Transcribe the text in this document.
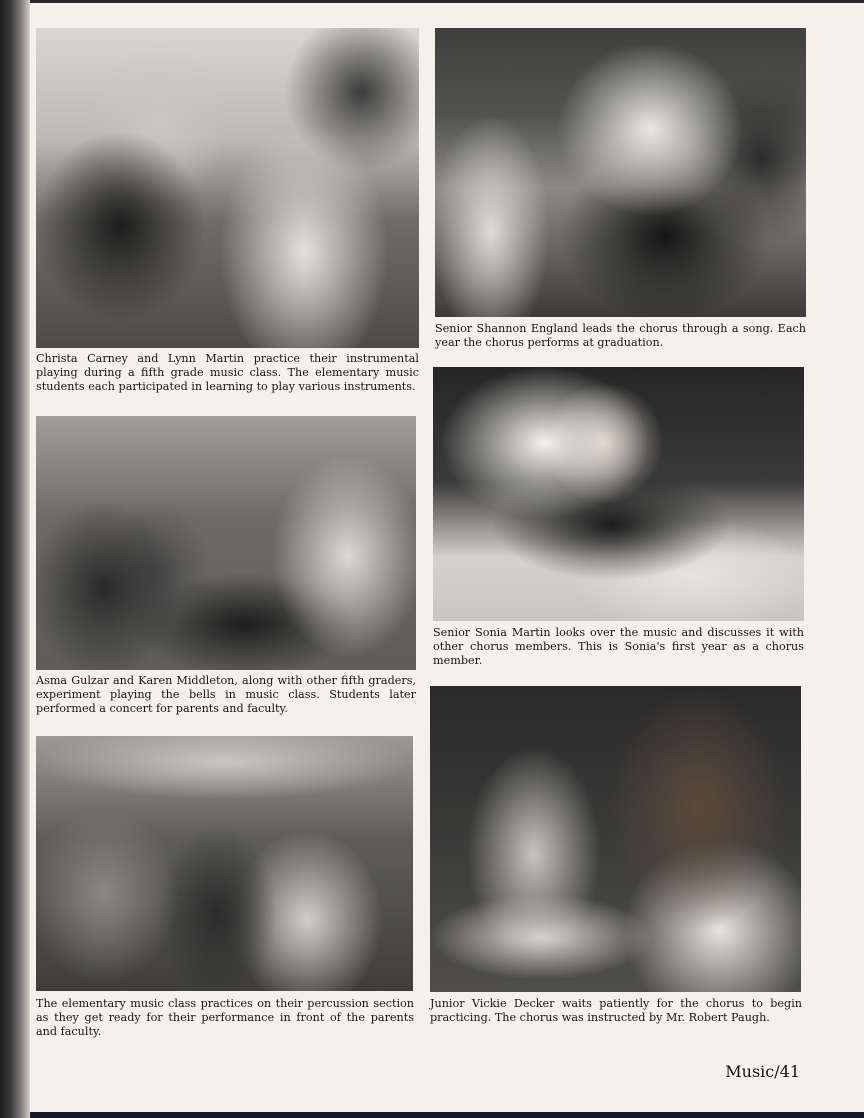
Christa Carney and Lynn Martin practice their instrumental playing during a fifth grade music class. The elementary music students each participated in learning to play various instruments.

Asma Gulzar and Karen Middleton, along with other fifth graders, experiment playing the bells in music class. Students later performed a concert for parents and faculty.

The elementary music class practices on their percussion section as they get ready for their performance in front of the parents and faculty.

Senior Shannon England leads the chorus through a song. Each year the chorus performs at graduation.

Senior Sonia Martin looks over the music and discusses it with other chorus members. This is Sonia's first year as a chorus member.

Junior Vickie Decker waits patiently for the chorus to begin practicing. The chorus was instructed by Mr. Robert Paugh.

Music/41
